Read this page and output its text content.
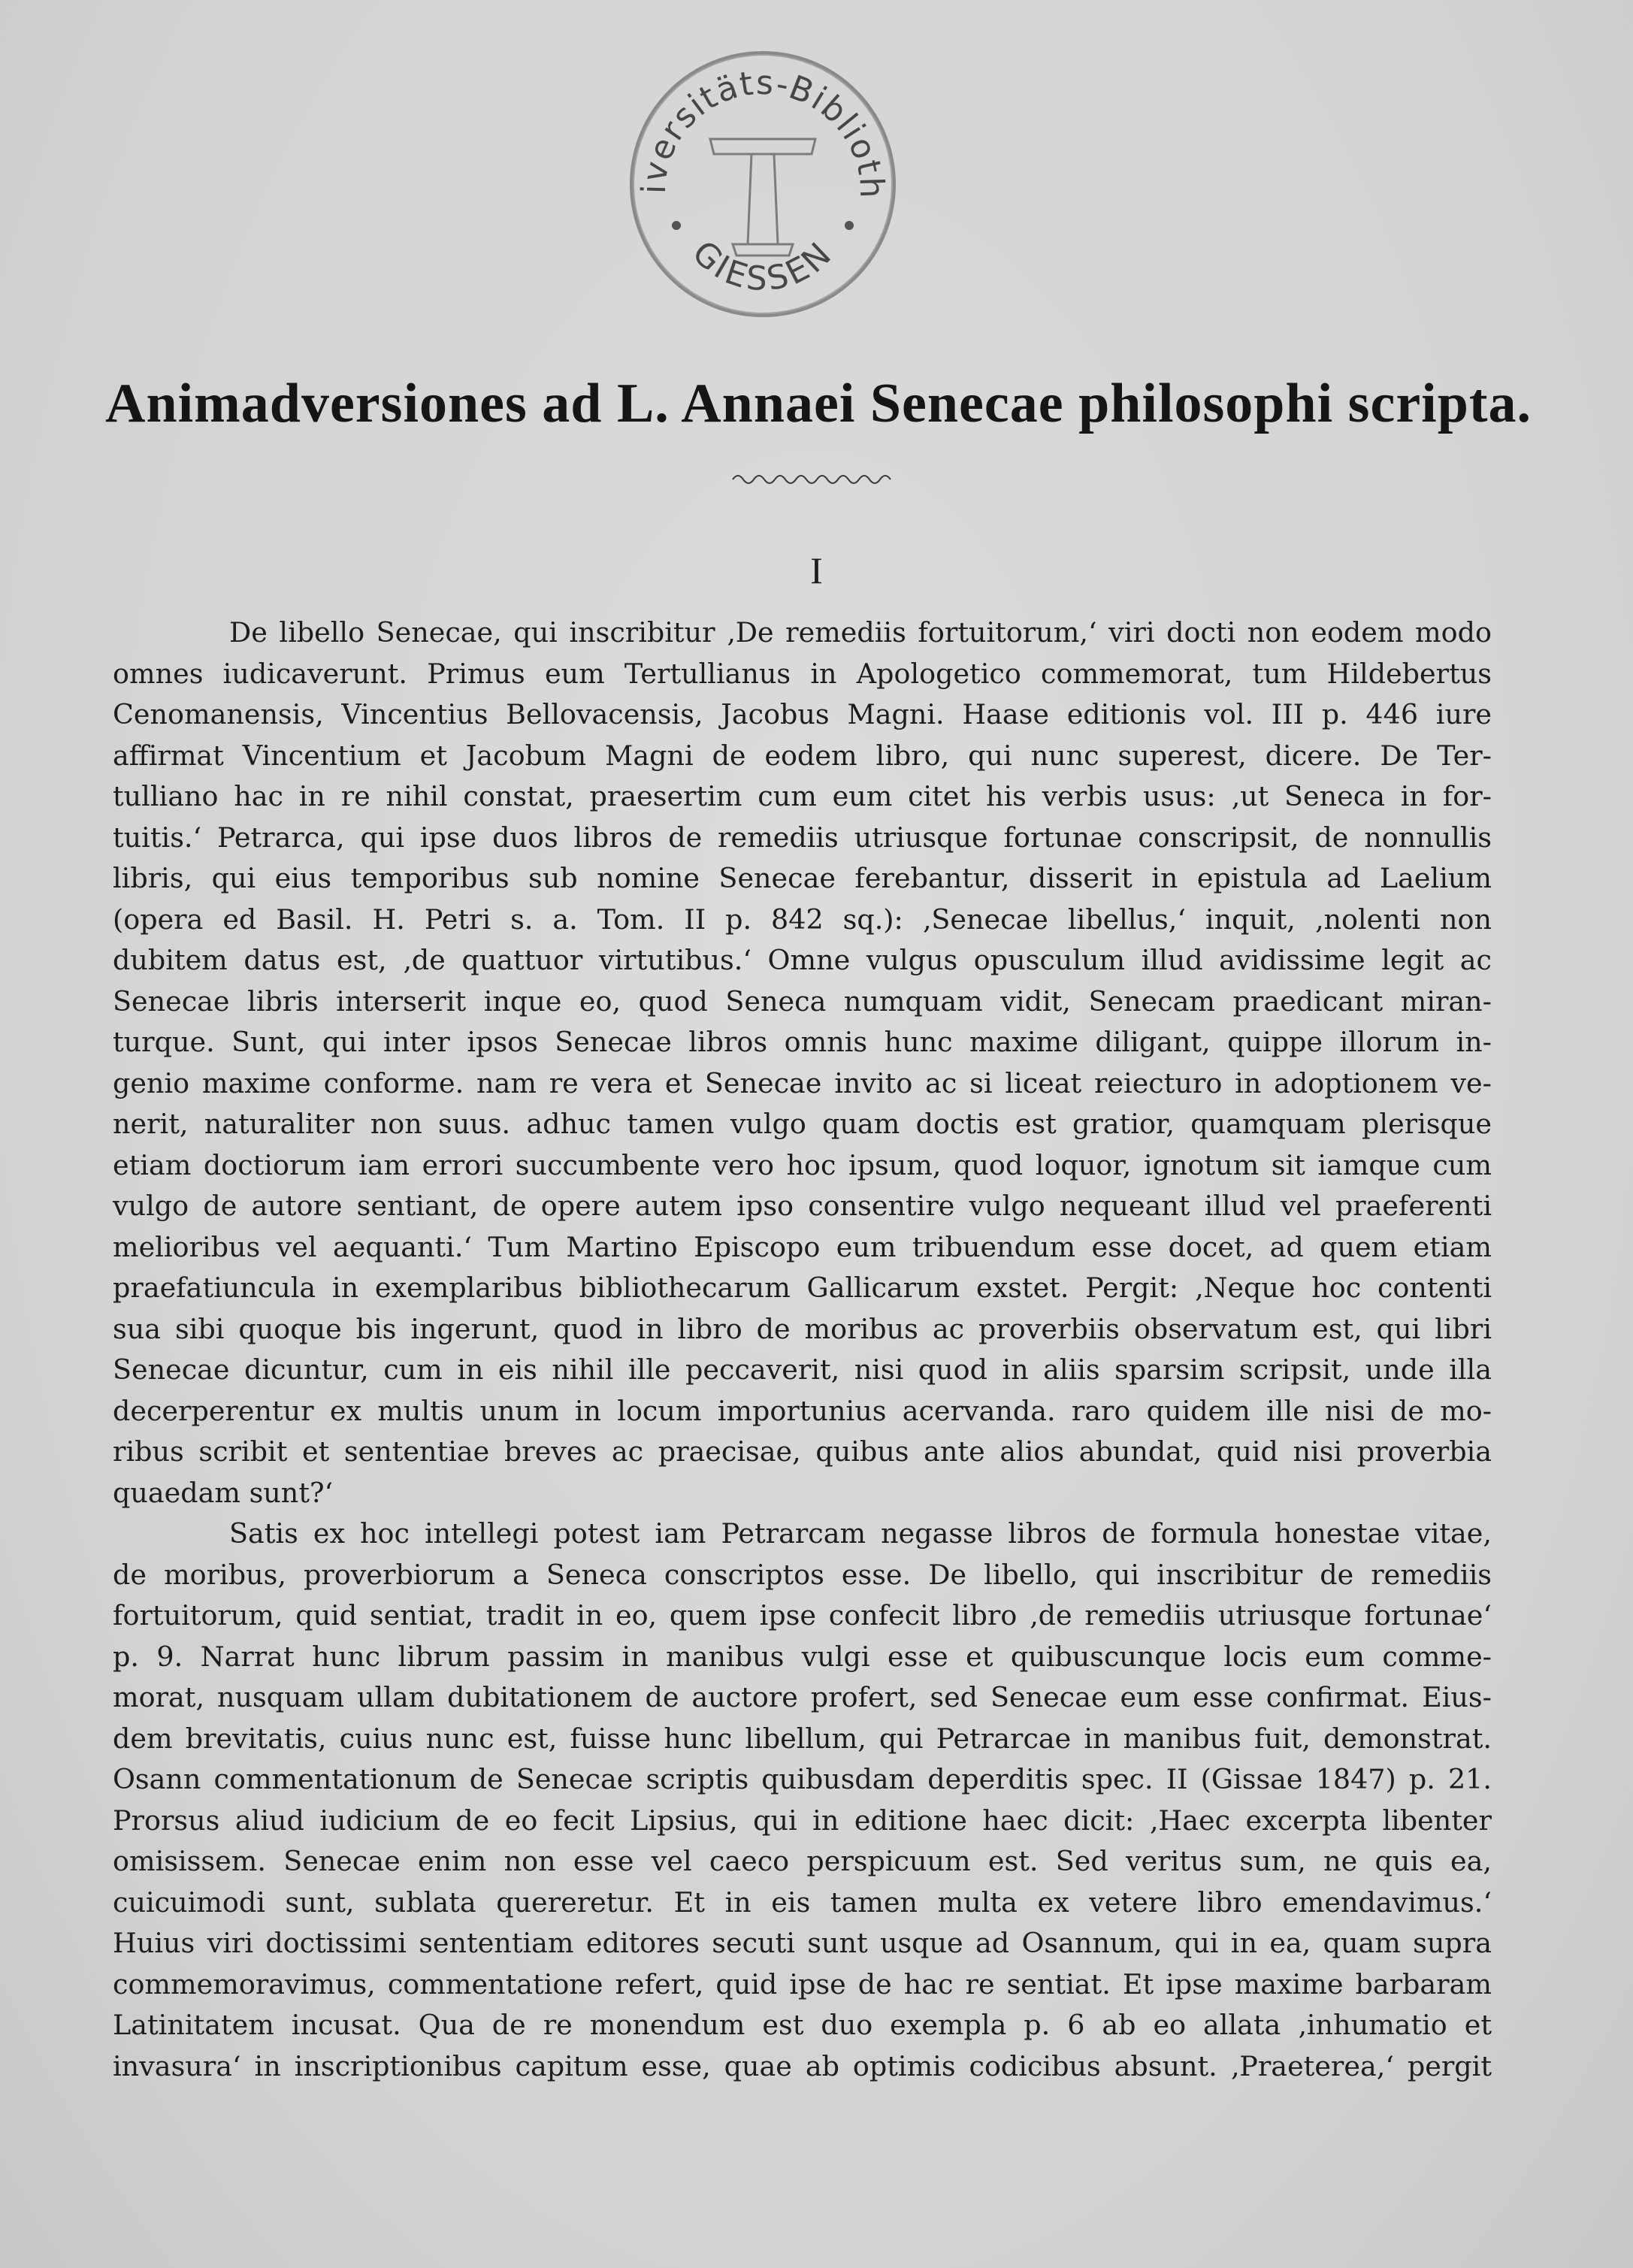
iversitäts-Biblioth
GIESSEN
Animadversiones ad L. Annaei Senecae philosophi scripta.
I
De libello Senecae, qui inscribitur ‚De remediis fortuitorum,‘ viri docti non eodem modo
omnes iudicaverunt. Primus eum Tertullianus in Apologetico commemorat, tum Hildebertus
Cenomanensis, Vincentius Bellovacensis, Jacobus Magni. Haase editionis vol. III p. 446 iure
affirmat Vincentium et Jacobum Magni de eodem libro, qui nunc superest, dicere. De Ter-
tulliano hac in re nihil constat, praesertim cum eum citet his verbis usus: ‚ut Seneca in for-
tuitis.‘ Petrarca, qui ipse duos libros de remediis utriusque fortunae conscripsit, de nonnullis
libris, qui eius temporibus sub nomine Senecae ferebantur, disserit in epistula ad Laelium
(opera ed Basil. H. Petri s. a. Tom. II p. 842 sq.): ‚Senecae libellus,‘ inquit, ‚nolenti non
dubitem datus est, ‚de quattuor virtutibus.‘ Omne vulgus opusculum illud avidissime legit ac
Senecae libris interserit inque eo, quod Seneca numquam vidit, Senecam praedicant miran-
turque. Sunt, qui inter ipsos Senecae libros omnis hunc maxime diligant, quippe illorum in-
genio maxime conforme. nam re vera et Senecae invito ac si liceat reiecturo in adoptionem ve-
nerit, naturaliter non suus. adhuc tamen vulgo quam doctis est gratior, quamquam plerisque
etiam doctiorum iam errori succumbente vero hoc ipsum, quod loquor, ignotum sit iamque cum
vulgo de autore sentiant, de opere autem ipso consentire vulgo nequeant illud vel praeferenti
melioribus vel aequanti.‘ Tum Martino Episcopo eum tribuendum esse docet, ad quem etiam
praefatiuncula in exemplaribus bibliothecarum Gallicarum exstet. Pergit: ‚Neque hoc contenti
sua sibi quoque bis ingerunt, quod in libro de moribus ac proverbiis observatum est, qui libri
Senecae dicuntur, cum in eis nihil ille peccaverit, nisi quod in aliis sparsim scripsit, unde illa
decerperentur ex multis unum in locum importunius acervanda. raro quidem ille nisi de mo-
ribus scribit et sententiae breves ac praecisae, quibus ante alios abundat, quid nisi proverbia
quaedam sunt?‘
Satis ex hoc intellegi potest iam Petrarcam negasse libros de formula honestae vitae,
de moribus, proverbiorum a Seneca conscriptos esse. De libello, qui inscribitur de remediis
fortuitorum, quid sentiat, tradit in eo, quem ipse confecit libro ‚de remediis utriusque fortunae‘
p. 9. Narrat hunc librum passim in manibus vulgi esse et quibuscunque locis eum comme-
morat, nusquam ullam dubitationem de auctore profert, sed Senecae eum esse confirmat. Eius-
dem brevitatis, cuius nunc est, fuisse hunc libellum, qui Petrarcae in manibus fuit, demonstrat.
Osann commentationum de Senecae scriptis quibusdam deperditis spec. II (Gissae 1847) p. 21.
Prorsus aliud iudicium de eo fecit Lipsius, qui in editione haec dicit: ‚Haec excerpta libenter
omisissem. Senecae enim non esse vel caeco perspicuum est. Sed veritus sum, ne quis ea,
cuicuimodi sunt, sublata quereretur. Et in eis tamen multa ex vetere libro emendavimus.‘
Huius viri doctissimi sententiam editores secuti sunt usque ad Osannum, qui in ea, quam supra
commemoravimus, commentatione refert, quid ipse de hac re sentiat. Et ipse maxime barbaram
Latinitatem incusat. Qua de re monendum est duo exempla p. 6 ab eo allata ‚inhumatio et
invasura‘ in inscriptionibus capitum esse, quae ab optimis codicibus absunt. ‚Praeterea,‘ pergit
